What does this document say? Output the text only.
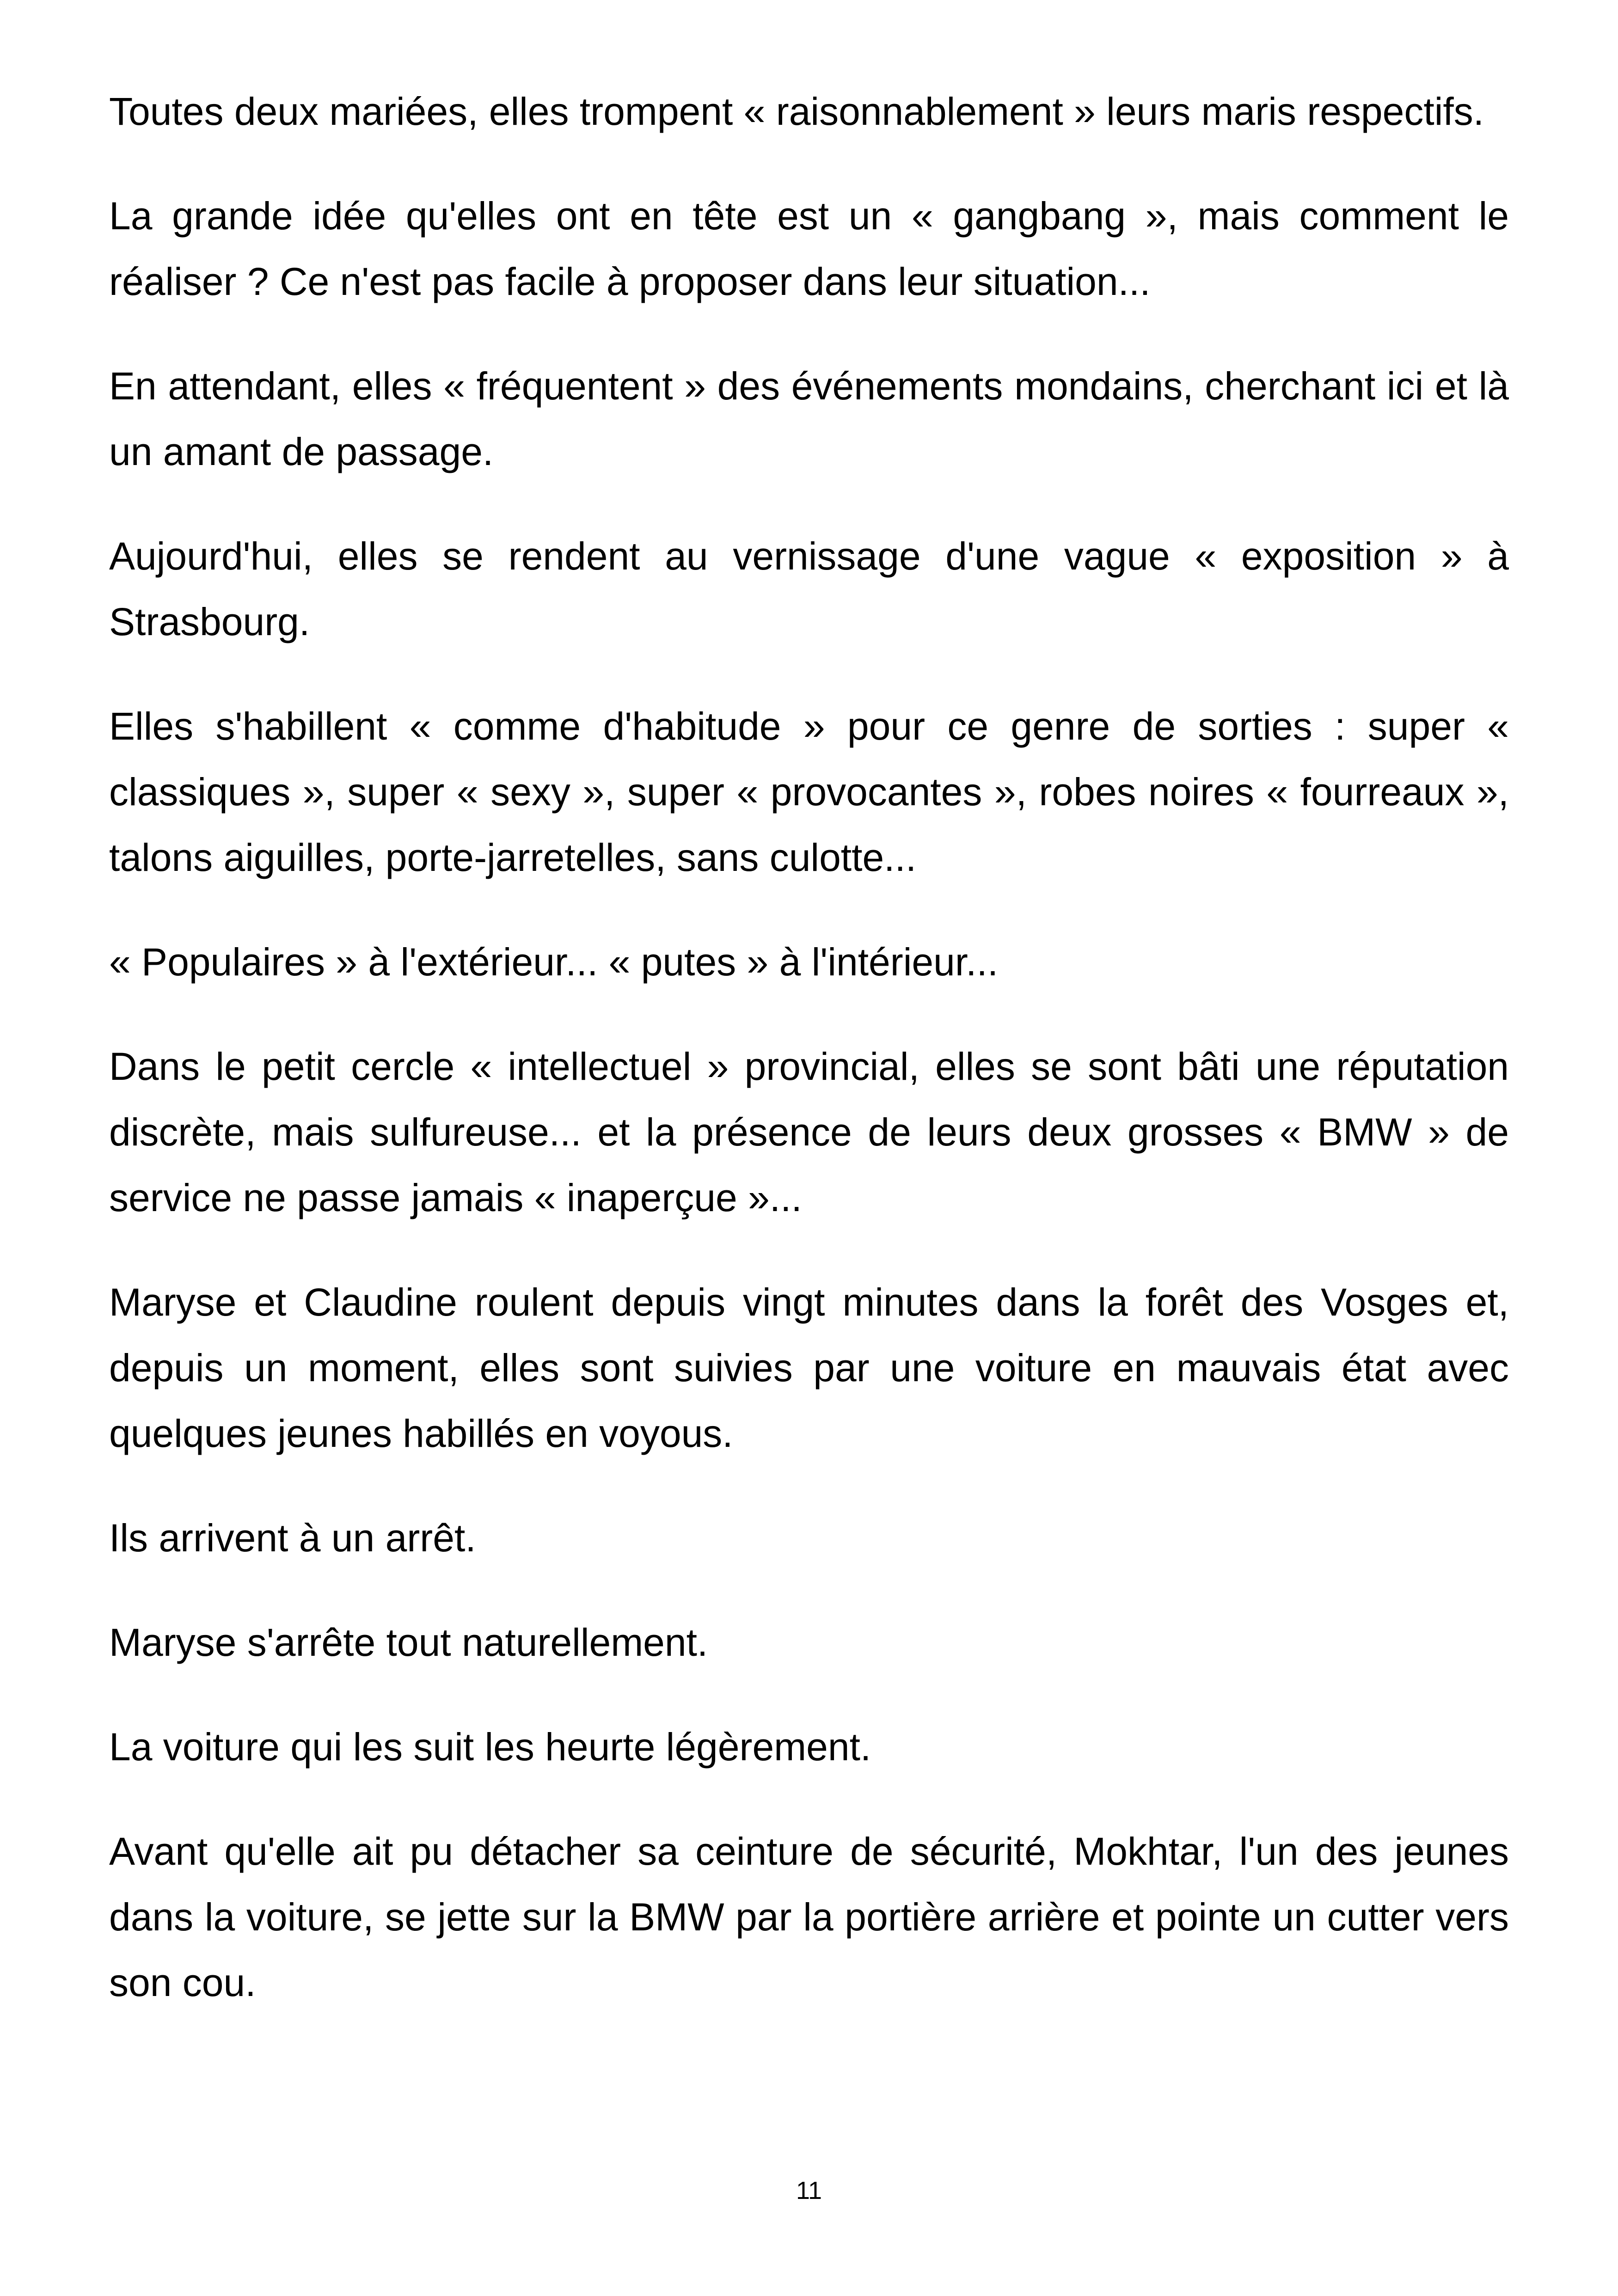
Toutes deux mariées, elles trompent « raisonnablement » leurs maris respectifs.

La grande idée qu'elles ont en tête est un « gangbang », mais comment le réaliser ? Ce n'est pas facile à proposer dans leur situation...

En attendant, elles « fréquentent » des événements mondains, cherchant ici et là un amant de passage.

Aujourd'hui, elles se rendent au vernissage d'une vague « exposition » à Strasbourg.

Elles s'habillent « comme d'habitude » pour ce genre de sorties : super « classiques », super « sexy », super « provocantes », robes noires « fourreaux », talons aiguilles, porte-jarretelles, sans culotte...

« Populaires » à l'extérieur... « putes » à l'intérieur...

Dans le petit cercle « intellectuel » provincial, elles se sont bâti une réputation discrète, mais sulfureuse... et la présence de leurs deux grosses « BMW » de service ne passe jamais « inaperçue »...

Maryse et Claudine roulent depuis vingt minutes dans la forêt des Vosges et, depuis un moment, elles sont suivies par une voiture en mauvais état avec quelques jeunes habillés en voyous.

Ils arrivent à un arrêt.

Maryse s'arrête tout naturellement.

La voiture qui les suit les heurte légèrement.

Avant qu'elle ait pu détacher sa ceinture de sécurité, Mokhtar, l'un des jeunes dans la voiture, se jette sur la BMW par la portière arrière et pointe un cutter vers son cou.

11
